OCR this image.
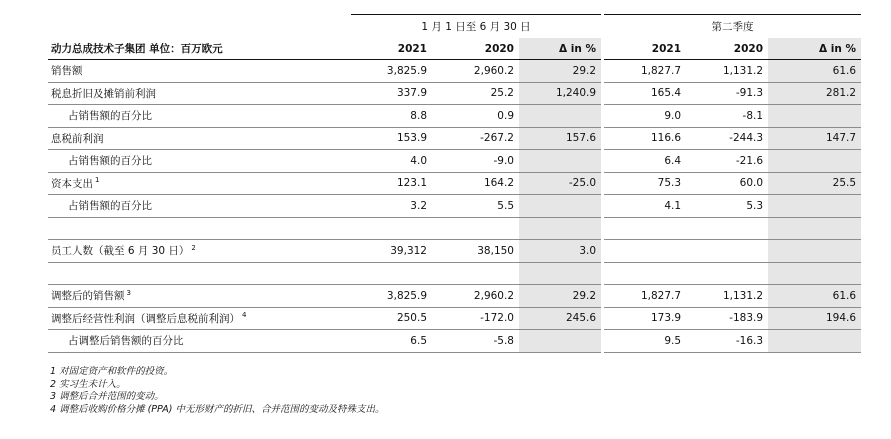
	1 月 1 日至 6 月 30 日				第二季度		
动力总成技术子集团 单位：百万欧元	2021	2020	Δ in %		2021	2020	Δ in %
销售额	3,825.9	2,960.2	29.2		1,827.7	1,131.2	61.6
税息折旧及摊销前利润	337.9	25.2	1,240.9		165.4	-91.3	281.2
占销售额的百分比	8.8	0.9			9.0	-8.1	
息税前利润	153.9	-267.2	157.6		116.6	-244.3	147.7
占销售额的百分比	4.0	-9.0			6.4	-21.6	
资本支出 $^1$	123.1	164.2	-25.0		75.3	60.0	25.5
占销售额的百分比	3.2	5.5			4.1	5.3	

员工人数（截至 6 月 30 日） $^2$	39,312	38,150	3.0				

调整后的销售额 $^3$	3,825.9	2,960.2	29.2		1,827.7	1,131.2	61.6
调整后经营性利润（调整后息税前利润） $^4$	250.5	-172.0	245.6		173.9	-183.9	194.6
占调整后销售额的百分比	6.5	-5.8			9.5	-16.3	
1 对固定资产和软件的投资。
2 实习生未计入。
3 调整后合并范围的变动。
4 调整后收购价格分摊 (PPA) 中无形财产的折旧、合并范围的变动及特殊支出。
